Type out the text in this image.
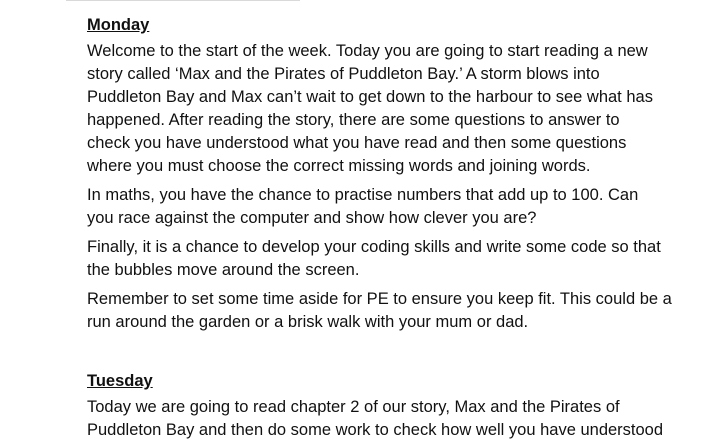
Monday
Welcome to the start of the week. Today you are going to start reading a new
story called ‘Max and the Pirates of Puddleton Bay.’ A storm blows into
Puddleton Bay and Max can’t wait to get down to the harbour to see what has
happened. After reading the story, there are some questions to answer to
check you have understood what you have read and then some questions
where you must choose the correct missing words and joining words.
In maths, you have the chance to practise numbers that add up to 100. Can
you race against the computer and show how clever you are?
Finally, it is a chance to develop your coding skills and write some code so that
the bubbles move around the screen.
Remember to set some time aside for PE to ensure you keep fit. This could be a
run around the garden or a brisk walk with your mum or dad.
Tuesday
Today we are going to read chapter 2 of our story, Max and the Pirates of
Puddleton Bay and then do some work to check how well you have understood
